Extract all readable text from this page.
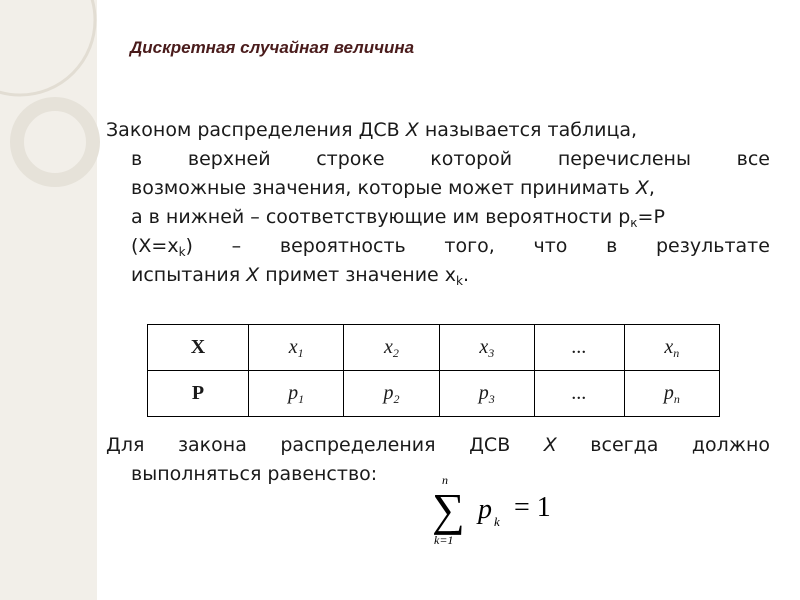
Дискретная случайная величина
Законом распределения ДСВ Х называется таблица,
в верхней строке которой перечислены все
возможные значения, которые может принимать Х,
а в нижней – соответствующие им вероятности $p_к=P$
$(X=x_k)$ – вероятность того, что в результате
испытания Х примет значение $x_k$.
X	$x_1$	$x_2$	$x_3$	...	$x_n$
P	$p_1$	$p_2$	$p_3$	...	$p_n$
Для закона распределения ДСВ Х всегда должно
выполняться равенство:	n
∑
k=1
p k = 1
